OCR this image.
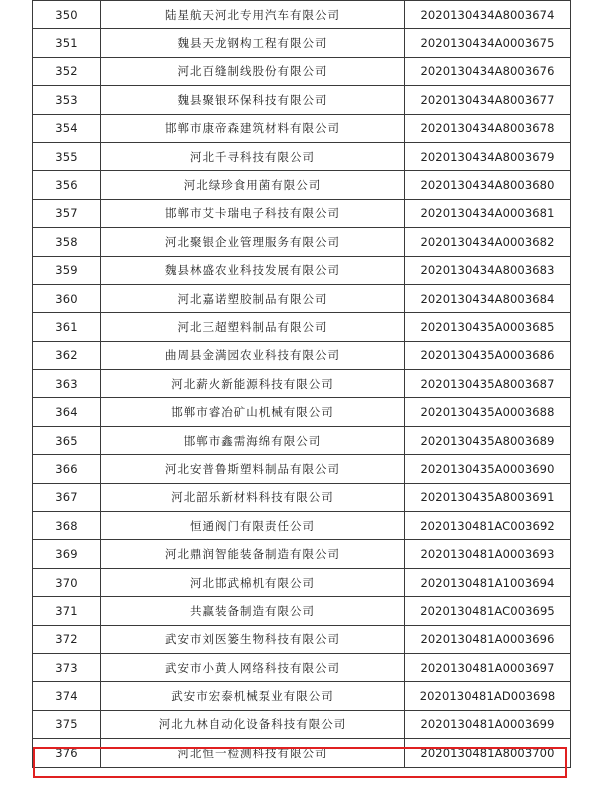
350	陆星航天河北专用汽车有限公司	2020130434A8003674
351	魏县天龙钢构工程有限公司	2020130434A0003675
352	河北百缝制线股份有限公司	2020130434A8003676
353	魏县聚银环保科技有限公司	2020130434A8003677
354	邯郸市康帝森建筑材料有限公司	2020130434A8003678
355	河北千寻科技有限公司	2020130434A8003679
356	河北绿珍食用菌有限公司	2020130434A8003680
357	邯郸市艾卡瑞电子科技有限公司	2020130434A0003681
358	河北聚银企业管理服务有限公司	2020130434A0003682
359	魏县林盛农业科技发展有限公司	2020130434A8003683
360	河北嘉诺塑胶制品有限公司	2020130434A8003684
361	河北三超塑料制品有限公司	2020130435A0003685
362	曲周县金满园农业科技有限公司	2020130435A0003686
363	河北薪火新能源科技有限公司	2020130435A8003687
364	邯郸市睿冶矿山机械有限公司	2020130435A0003688
365	邯郸市鑫需海绵有限公司	2020130435A8003689
366	河北安普鲁斯塑料制品有限公司	2020130435A0003690
367	河北韶乐新材料科技有限公司	2020130435A8003691
368	恒通阀门有限责任公司	2020130481AC003692
369	河北鼎润智能装备制造有限公司	2020130481A0003693
370	河北邯武棉机有限公司	2020130481A1003694
371	共赢装备制造有限公司	2020130481AC003695
372	武安市刘医篓生物科技有限公司	2020130481A0003696
373	武安市小黄人网络科技有限公司	2020130481A0003697
374	武安市宏泰机械泵业有限公司	2020130481AD003698
375	河北九林自动化设备科技有限公司	2020130481A0003699
376	河北恒一检测科技有限公司	2020130481A8003700
